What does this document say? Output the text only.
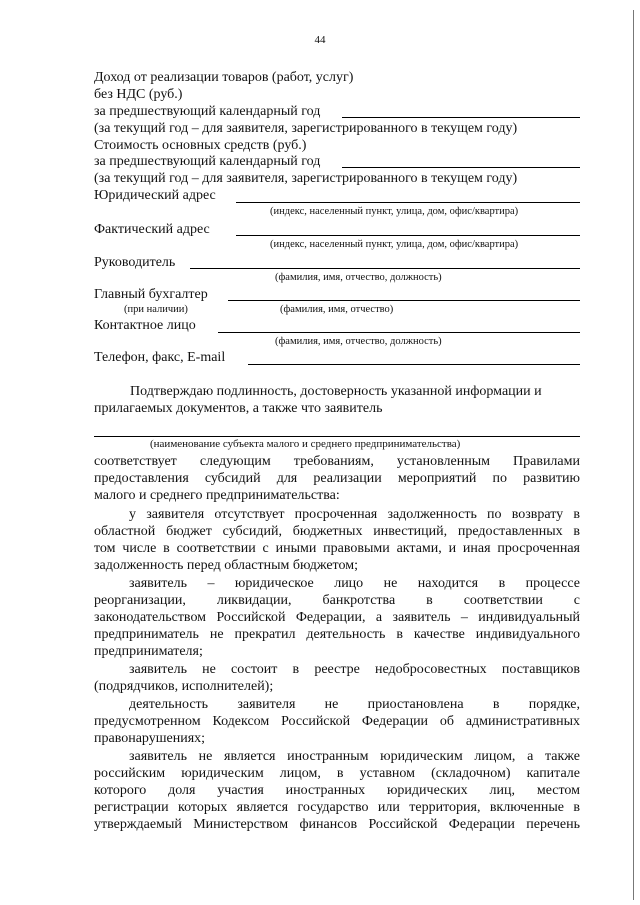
44
Доход от реализации товаров (работ, услуг)
без НДС (руб.)
за предшествующий календарный год
(за текущий год – для заявителя, зарегистрированного в текущем году)
Стоимость основных средств (руб.)
за предшествующий календарный год
(за текущий год – для заявителя, зарегистрированного в текущем году)
Юридический адрес
(индекс, населенный пункт, улица, дом, офис/квартира)
Фактический адрес
(индекс, населенный пункт, улица, дом, офис/квартира)
Руководитель
(фамилия, имя, отчество, должность)
Главный бухгалтер
(при наличии)	(фамилия, имя, отчество)
Контактное лицо
(фамилия, имя, отчество, должность)
Телефон, факс, E-mail
Подтверждаю подлинность, достоверность указанной информации и
прилагаемых документов, а также что заявитель
(наименование субъекта малого и среднего предпринимательства)
соответствует следующим требованиям, установленным Правилами
предоставления субсидий для реализации мероприятий по развитию
малого и среднего предпринимательства:
у заявителя отсутствует просроченная задолженность по возврату в
областной бюджет субсидий, бюджетных инвестиций, предоставленных в
том числе в соответствии с иными правовыми актами, и иная просроченная
задолженность перед областным бюджетом;
заявитель – юридическое лицо не находится в процессе
реорганизации, ликвидации, банкротства в соответствии с
законодательством Российской Федерации, а заявитель – индивидуальный
предприниматель не прекратил деятельность в качестве индивидуального
предпринимателя;
заявитель не состоит в реестре недобросовестных поставщиков
(подрядчиков, исполнителей);
деятельность заявителя не приостановлена в порядке,
предусмотренном Кодексом Российской Федерации об административных
правонарушениях;
заявитель не является иностранным юридическим лицом, а также
российским юридическим лицом, в уставном (складочном) капитале
которого доля участия иностранных юридических лиц, местом
регистрации которых является государство или территория, включенные в
утверждаемый Министерством финансов Российской Федерации перечень
